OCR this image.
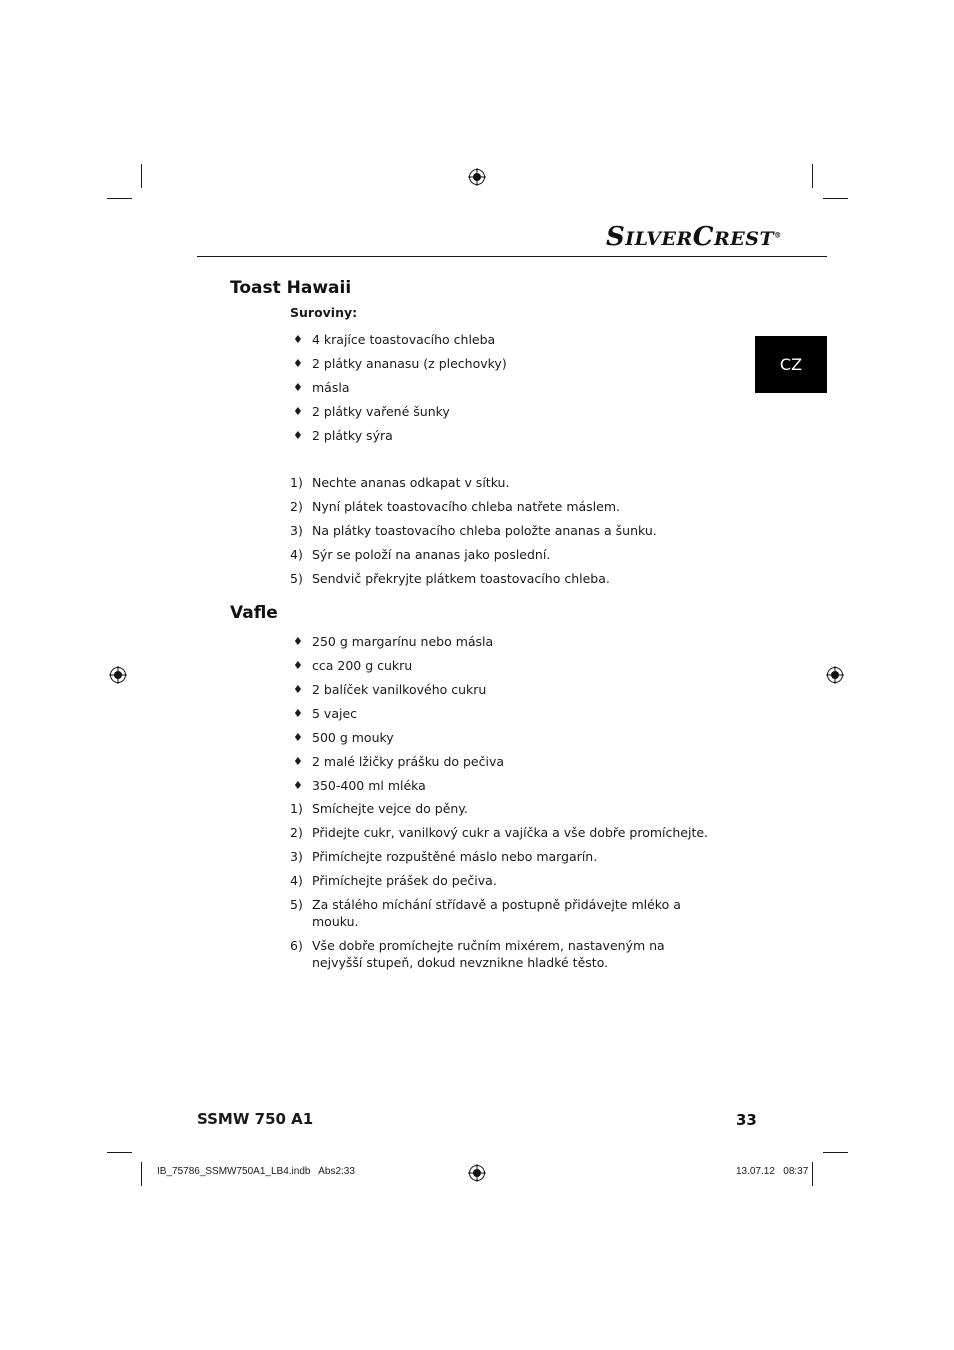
SILVERCREST®
CZ
Toast Hawaii
Suroviny:
♦ 4 krajíce toastovacího chleba
♦ 2 plátky ananasu (z plechovky)
♦ másla
♦ 2 plátky vařené šunky
♦ 2 plátky sýra
1) Nechte ananas odkapat v sítku.
2) Nyní plátek toastovacího chleba natřete máslem.
3) Na plátky toastovacího chleba položte ananas a šunku.
4) Sýr se položí na ananas jako poslední.
5) Sendvič překryjte plátkem toastovacího chleba.
Vafle
♦ 250 g margarínu nebo másla
♦ cca 200 g cukru
♦ 2 balíček vanilkového cukru
♦ 5 vajec
♦ 500 g mouky
♦ 2 malé lžičky prášku do pečiva
♦ 350-400 ml mléka
1) Smíchejte vejce do pěny.
2) Přidejte cukr, vanilkový cukr a vajíčka a vše dobře promíchejte.
3) Přimíchejte rozpuštěné máslo nebo margarín.
4) Přimíchejte prášek do pečiva.
5) Za stálého míchání střídavě a postupně přidávejte mléko a mouku.
6) Vše dobře promíchejte ručním mixérem, nastaveným na nejvyšší stupeň, dokud nevznikne hladké těsto.
SSMW 750 A1	33
IB_75786_SSMW750A1_LB4.indb   Abs2:33	13.07.12   08:37
